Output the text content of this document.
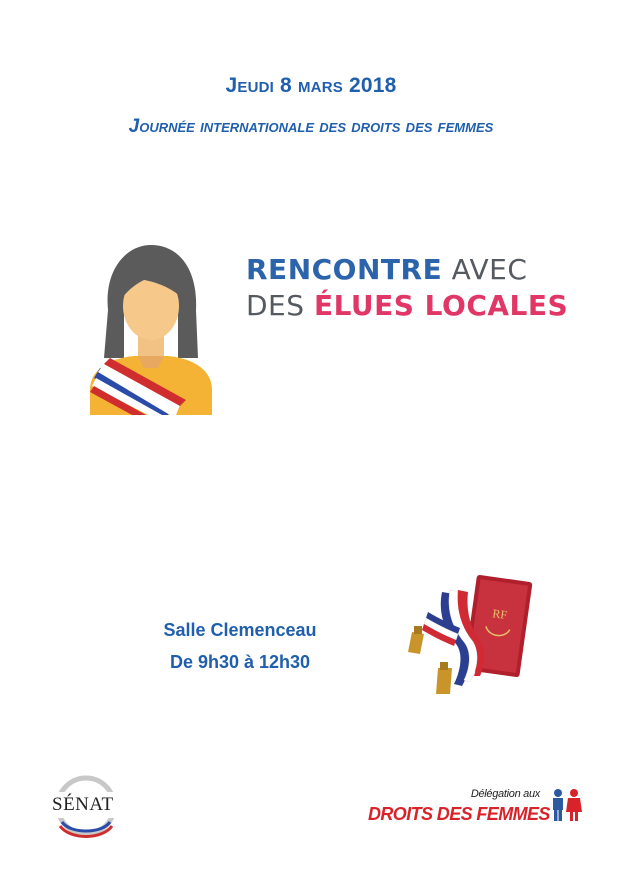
Jeudi 8 mars 2018
Journée internationale des droits des femmes
RENCONTRE AVEC
DES ÉLUES LOCALES
Salle Clemenceau
De 9h30 à 12h30
RF
SÉNAT	Délégation aux
DROITS DES FEMMES
